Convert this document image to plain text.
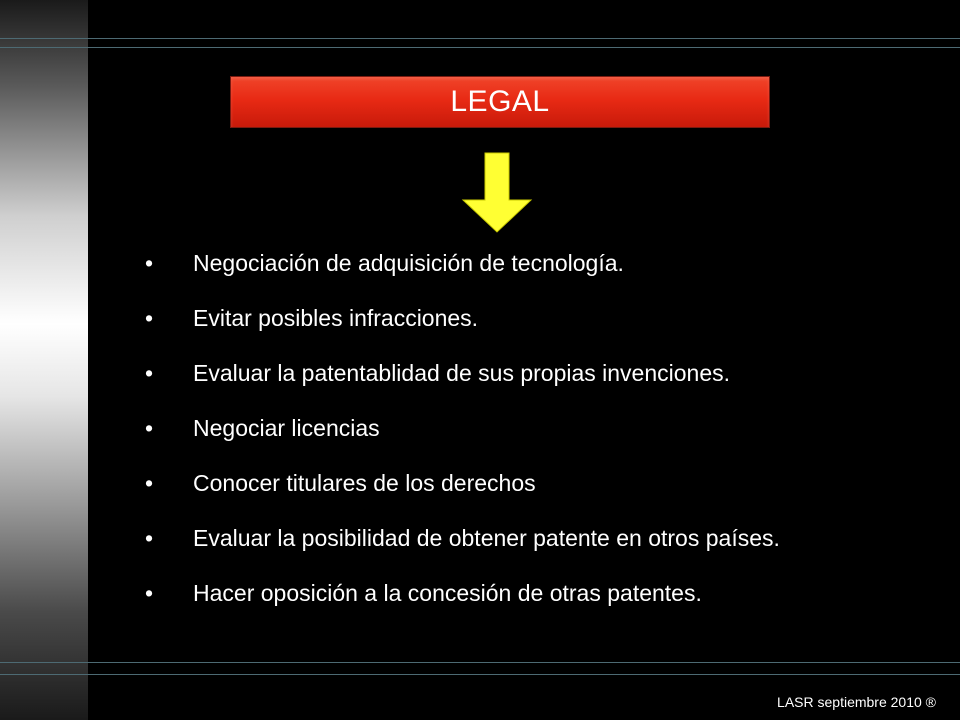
LEGAL
•	Negociación de adquisición de tecnología.
•	Evitar posibles infracciones.
•	Evaluar la patentablidad de sus propias invenciones.
•	Negociar licencias
•	Conocer titulares de los derechos
•	Evaluar la posibilidad de obtener patente en otros países.
•	Hacer oposición a la concesión de otras patentes.
LASR septiembre 2010 ®
